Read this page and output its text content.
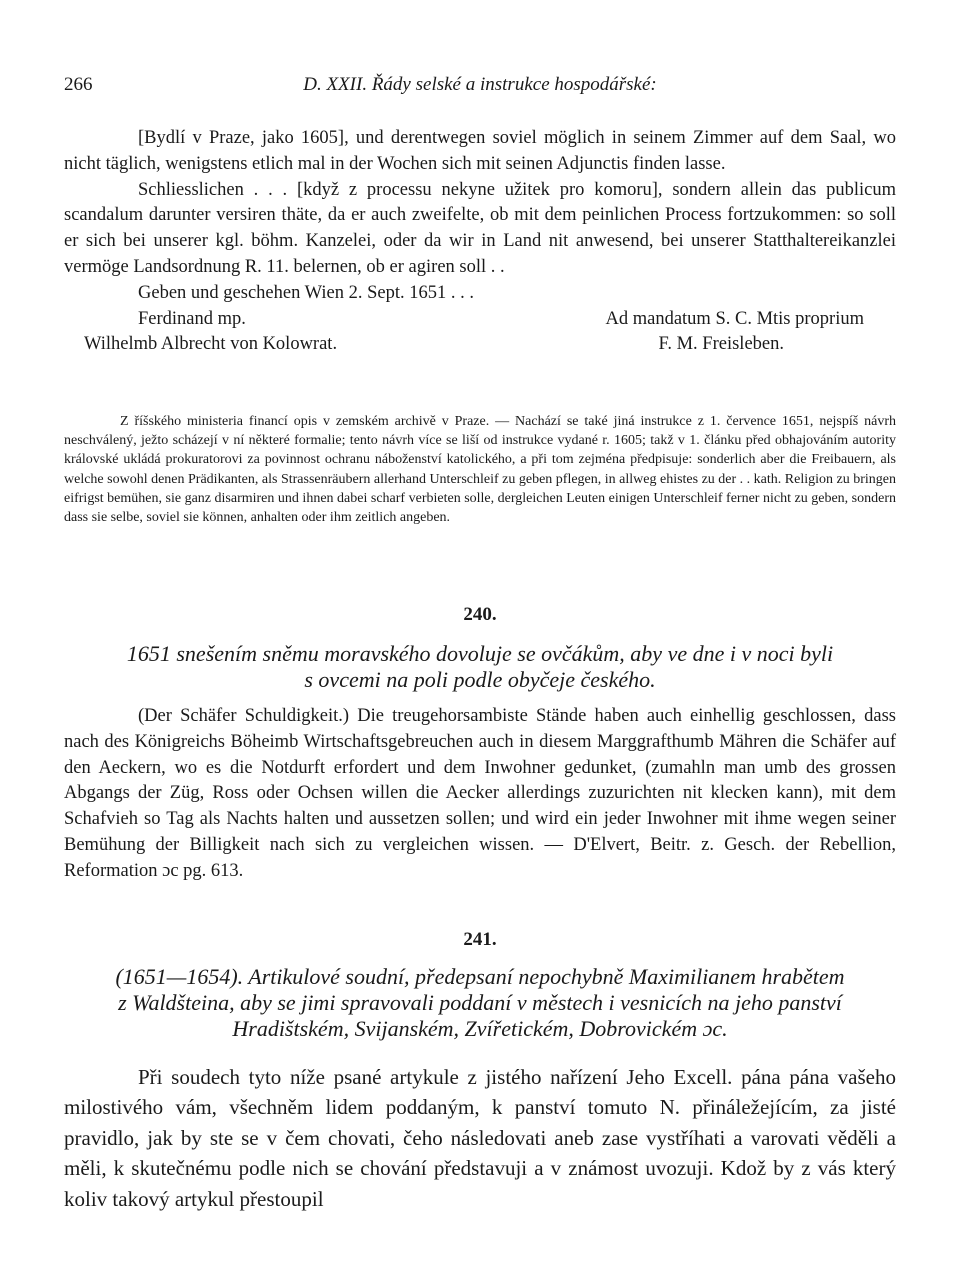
266	D. XXII. Řády selské a instrukce hospodářské:

[Bydlí v Praze, jako 1605], und derentwegen soviel möglich in seinem Zimmer auf dem Saal, wo nicht täglich, wenigstens etlich mal in der Wochen sich mit seinen Adjunctis finden lasse.

Schliesslichen . . . [když z processu nekyne užitek pro komoru], sondern allein das publicum scandalum darunter versiren thäte, da er auch zweifelte, ob mit dem peinlichen Process fortzukommen: so soll er sich bei unserer kgl. böhm. Kanzelei, oder da wir in Land nit anwesend, bei unserer Statthaltereikanzlei vermöge Landsordnung R. 11. belernen, ob er agiren soll . .

Geben und geschehen Wien 2. Sept. 1651 . . .

Ferdinand mp.	Ad mandatum S. C. Mtis proprium
Wilhelmb Albrecht von Kolowrat.	F. M. Freisleben.

Z říšského ministeria financí opis v zemském archivě v Praze. — Nachází se také jiná instrukce z 1. července 1651, nejspíš návrh neschválený, ježto scházejí v ní některé formalie; tento návrh více se liší od instrukce vydané r. 1605; takž v 1. článku před obhajováním autority královské ukládá prokuratorovi za povinnost ochranu náboženství katolického, a při tom zejména předpisuje: sonderlich aber die Freibauern, als welche sowohl denen Prädikanten, als Strassenräubern allerhand Unterschleif zu geben pflegen, in allweg ehistes zu der . . kath. Religion zu bringen eifrigst bemühen, sie ganz disarmiren und ihnen dabei scharf verbieten solle, dergleichen Leuten einigen Unterschleif ferner nicht zu geben, sondern dass sie selbe, soviel sie können, anhalten oder ihm zeitlich angeben.

240.
1651 snešením sněmu moravského dovoluje se ovčákům, aby ve dne i v noci byli
s ovcemi na poli podle obyčeje českého.

(Der Schäfer Schuldigkeit.) Die treugehorsambiste Stände haben auch einhellig geschlossen, dass nach des Königreichs Böheimb Wirtschaftsgebreuchen auch in diesem Marggrafthumb Mähren die Schäfer auf den Aeckern, wo es die Notdurft erfordert und dem Inwohner gedunket, (zumahln man umb des grossen Abgangs der Züg, Ross oder Ochsen willen die Aecker allerdings zuzurichten nit klecken kann), mit dem Schafvieh so Tag als Nachts halten und aussetzen sollen; und wird ein jeder Inwohner mit ihme wegen seiner Bemühung der Billigkeit nach sich zu vergleichen wissen. — D'Elvert, Beitr. z. Gesch. der Rebellion, Reformation ɔc pg. 613.

241.
(1651—1654). Artikulové soudní, předepsaní nepochybně Maximilianem hrabětem
z Waldšteina, aby se jimi spravovali poddaní v městech i vesnicích na jeho panství
Hradištském, Svijanském, Zvířetickém, Dobrovickém ɔc.

Při soudech tyto níže psané artykule z jistého nařízení Jeho Excell. pána pána vašeho milostivého vám, všechněm lidem poddaným, k panství tomuto N. přináležejícím, za jisté pravidlo, jak by ste se v čem chovati, čeho následovati aneb zase vystříhati a varovati věděli a měli, k skutečnému podle nich se chování představuji a v známost uvozuji. Kdož by z vás který koliv takový artykul přestoupil
